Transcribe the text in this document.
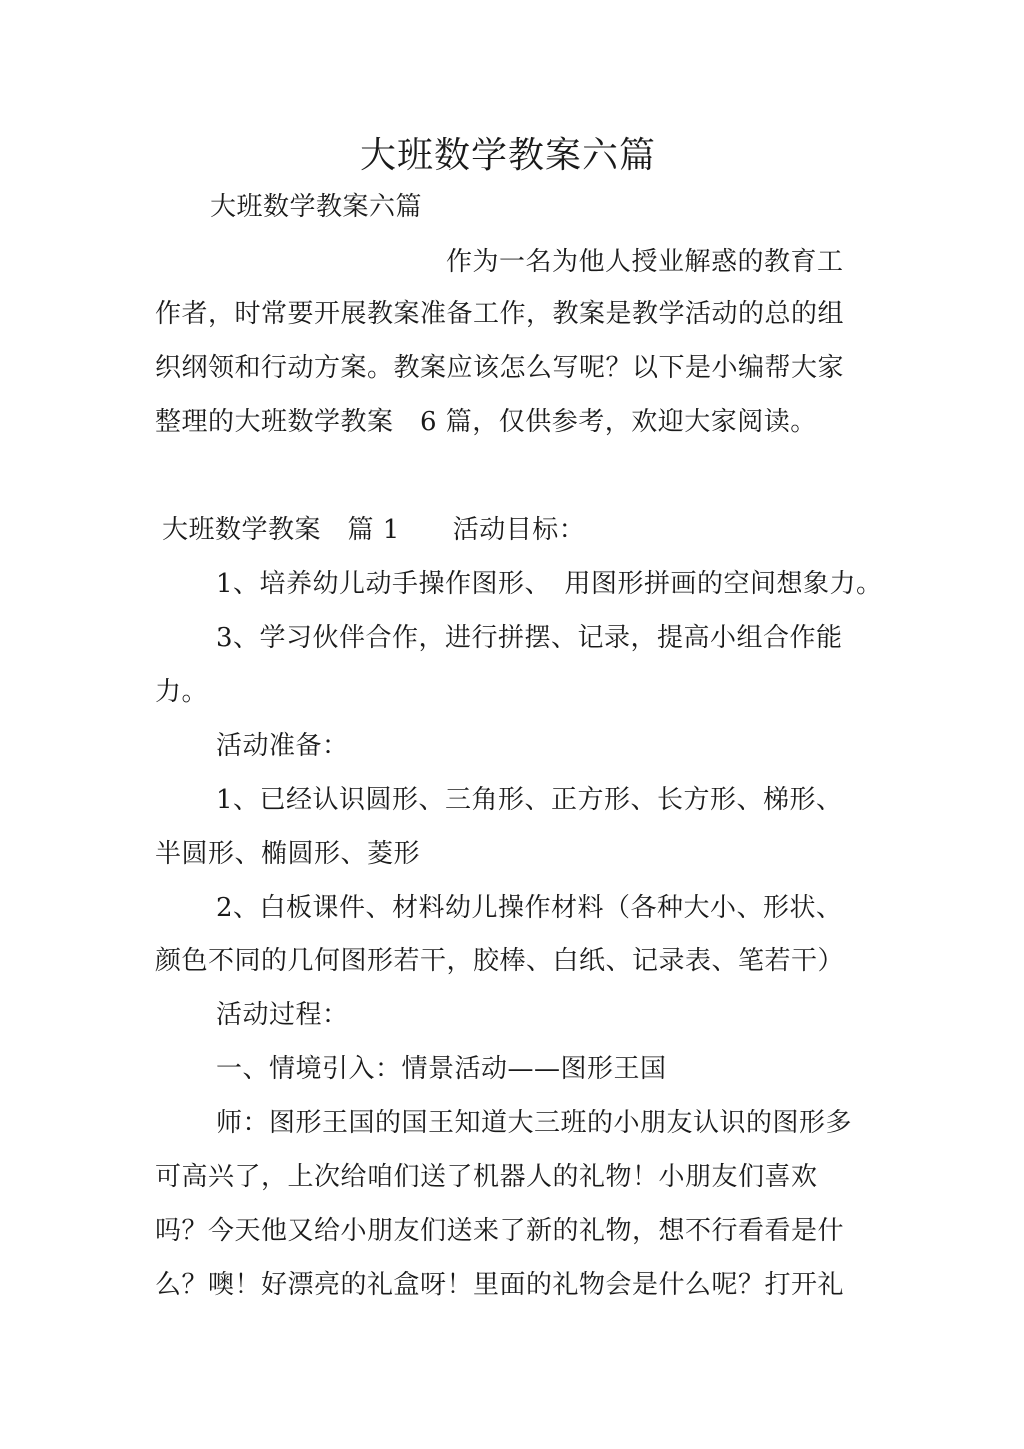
大班数学教案六篇
大班数学教案六篇
作为一名为他人授业解惑的教育工
作者，时常要开展教案准备工作，教案是教学活动的总的组
织纲领和行动方案。教案应该怎么写呢？以下是小编帮大家
整理的大班数学教案　6 篇，仅供参考，欢迎大家阅读。
大班数学教案　篇 1　　活动目标：
1、培养幼儿动手操作图形、　用图形拼画的空间想象力。
3、学习伙伴合作，进行拼摆、记录，提高小组合作能
力。
活动准备：
1、已经认识圆形、三角形、正方形、长方形、梯形、
半圆形、椭圆形、菱形
2、白板课件、材料幼儿操作材料（各种大小、形状、
颜色不同的几何图形若干，胶棒、白纸、记录表、笔若干）
活动过程：
一、情境引入：情景活动——图形王国
师：图形王国的国王知道大三班的小朋友认识的图形多
可高兴了，上次给咱们送了机器人的礼物！小朋友们喜欢
吗？今天他又给小朋友们送来了新的礼物，想不行看看是什
么？噢！好漂亮的礼盒呀！里面的礼物会是什么呢？打开礼
